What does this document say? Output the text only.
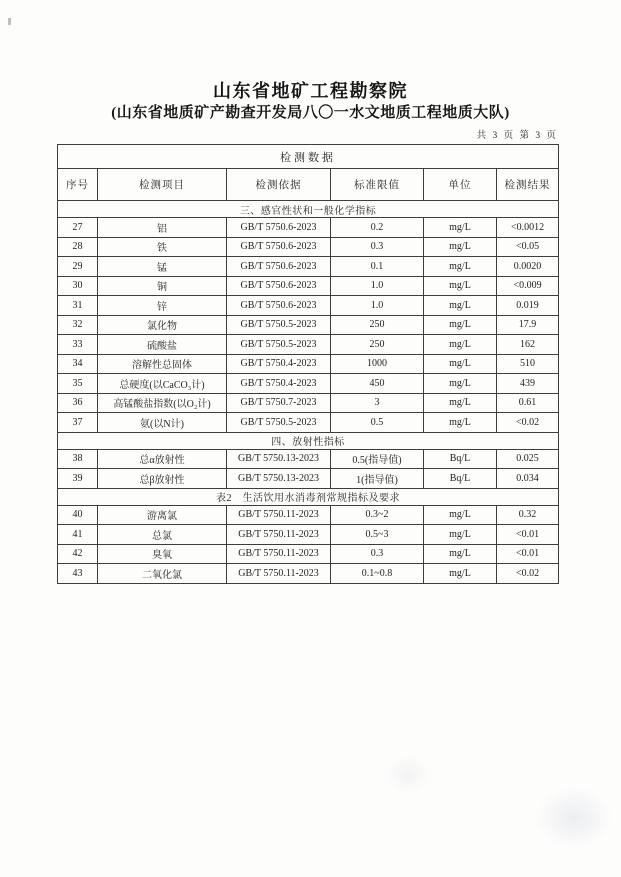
山东省地矿工程勘察院
(山东省地质矿产勘查开发局八〇一水文地质工程地质大队)
共 3 页 第 3 页
检测数据					
序号	检测项目	检测依据	标准限值	单位	检测结果
三、感官性状和一般化学指标					
27	铝	GB/T 5750.6-2023	0.2	mg/L	<0.0012
28	铁	GB/T 5750.6-2023	0.3	mg/L	<0.05
29	锰	GB/T 5750.6-2023	0.1	mg/L	0.0020
30	铜	GB/T 5750.6-2023	1.0	mg/L	<0.009
31	锌	GB/T 5750.6-2023	1.0	mg/L	0.019
32	氯化物	GB/T 5750.5-2023	250	mg/L	17.9
33	硫酸盐	GB/T 5750.5-2023	250	mg/L	162
34	溶解性总固体	GB/T 5750.4-2023	1000	mg/L	510
35	总硬度(以CaCO₃计)	GB/T 5750.4-2023	450	mg/L	439
36	高锰酸盐指数(以O₂计)	GB/T 5750.7-2023	3	mg/L	0.61
37	氨(以N计)	GB/T 5750.5-2023	0.5	mg/L	<0.02
四、放射性指标					
38	总α放射性	GB/T 5750.13-2023	0.5(指导值)	Bq/L	0.025
39	总β放射性	GB/T 5750.13-2023	1(指导值)	Bq/L	0.034
表2　生活饮用水消毒剂常规指标及要求					
40	游离氯	GB/T 5750.11-2023	0.3~2	mg/L	0.32
41	总氯	GB/T 5750.11-2023	0.5~3	mg/L	<0.01
42	臭氧	GB/T 5750.11-2023	0.3	mg/L	<0.01
43	二氧化氯	GB/T 5750.11-2023	0.1~0.8	mg/L	<0.02
